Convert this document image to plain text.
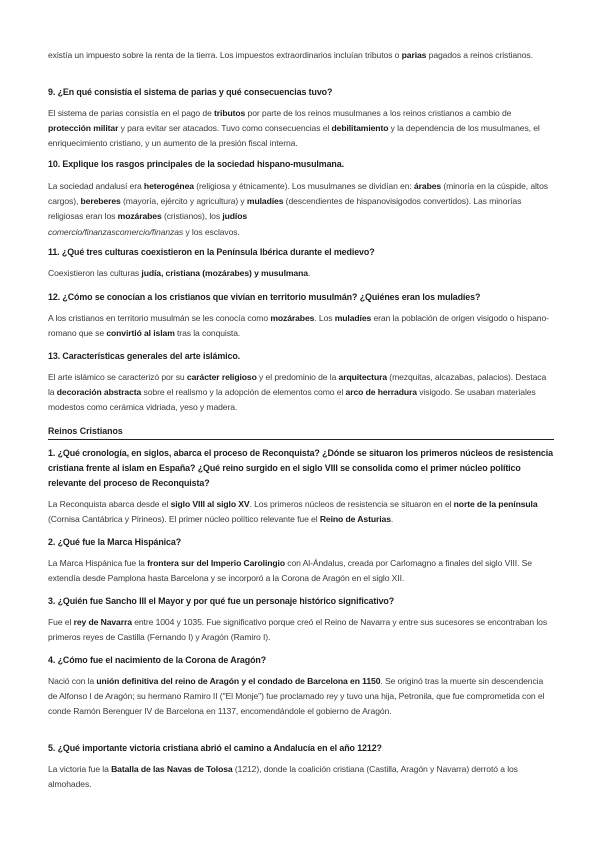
existía un impuesto sobre la renta de la tierra. Los impuestos extraordinarios incluían tributos o parias pagados a reinos cristianos.

9. ¿En qué consistía el sistema de parias y qué consecuencias tuvo?

El sistema de parias consistía en el pago de tributos por parte de los reinos musulmanes a los reinos cristianos a cambio de protección militar y para evitar ser atacados. Tuvo como consecuencias el debilitamiento y la dependencia de los musulmanes, el enriquecimiento cristiano, y un aumento de la presión fiscal interna.

10. Explique los rasgos principales de la sociedad hispano-musulmana.

La sociedad andalusí era heterogénea (religiosa y étnicamente). Los musulmanes se dividían en: árabes (minoría en la cúspide, altos cargos), bereberes (mayoría, ejército y agricultura) y muladíes (descendientes de hispanovisigodos convertidos). Las minorías religiosas eran los mozárabes (cristianos), los judíos
comercio/finanzascomercio/finanzas y los esclavos.

11. ¿Qué tres culturas coexistieron en la Península Ibérica durante el medievo?

Coexistieron las culturas judía, cristiana (mozárabes) y musulmana.

12. ¿Cómo se conocían a los cristianos que vivían en territorio musulmán? ¿Quiénes eran los muladíes?

A los cristianos en territorio musulmán se les conocía como mozárabes. Los muladíes eran la población de origen visigodo o hispano-romano que se convirtió al islam tras la conquista.

13. Características generales del arte islámico.

El arte islámico se caracterizó por su carácter religioso y el predominio de la arquitectura (mezquitas, alcazabas, palacios). Destaca la decoración abstracta sobre el realismo y la adopción de elementos como el arco de herradura visigodo. Se usaban materiales modestos como cerámica vidriada, yeso y madera.

Reinos Cristianos

1. ¿Qué cronología, en siglos, abarca el proceso de Reconquista? ¿Dónde se situaron los primeros núcleos de resistencia cristiana frente al islam en España? ¿Qué reino surgido en el siglo VIII se consolida como el primer núcleo político relevante del proceso de Reconquista?

La Reconquista abarca desde el siglo VIII al siglo XV. Los primeros núcleos de resistencia se situaron en el norte de la península (Cornisa Cantábrica y Pirineos). El primer núcleo político relevante fue el Reino de Asturias.

2. ¿Qué fue la Marca Hispánica?

La Marca Hispánica fue la frontera sur del Imperio Carolingio con Al-Ándalus, creada por Carlomagno a finales del siglo VIII. Se extendía desde Pamplona hasta Barcelona y se incorporó a la Corona de Aragón en el siglo XII.

3. ¿Quién fue Sancho III el Mayor y por qué fue un personaje histórico significativo?

Fue el rey de Navarra entre 1004 y 1035. Fue significativo porque creó el Reino de Navarra y entre sus sucesores se encontraban los primeros reyes de Castilla (Fernando I) y Aragón (Ramiro I).

4. ¿Cómo fue el nacimiento de la Corona de Aragón?

Nació con la unión definitiva del reino de Aragón y el condado de Barcelona en 1150. Se originó tras la muerte sin descendencia de Alfonso I de Aragón; su hermano Ramiro II ("El Monje") fue proclamado rey y tuvo una hija, Petronila, que fue comprometida con el conde Ramón Berenguer IV de Barcelona en 1137, encomendándole el gobierno de Aragón.

5. ¿Qué importante victoria cristiana abrió el camino a Andalucía en el año 1212?

La victoria fue la Batalla de las Navas de Tolosa (1212), donde la coalición cristiana (Castilla, Aragón y Navarra) derrotó a los almohades.
